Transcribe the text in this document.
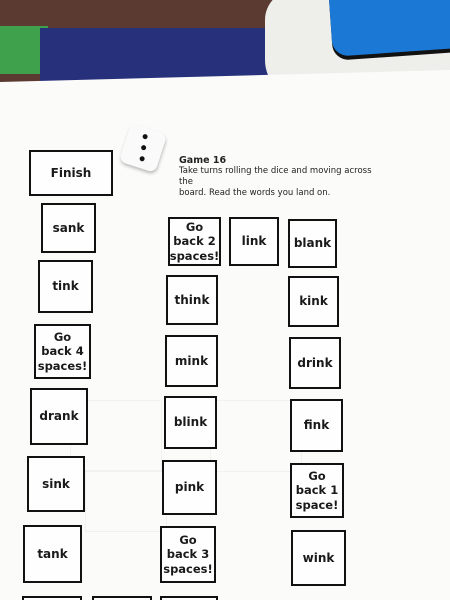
Game 16
Take turns rolling the dice and moving across the
board. Read the words you land on.
Finish
sank
tink
Go
back 4
spaces!
drank
sink
tank
Go
back 2
spaces!
link
think
mink
blink
pink
Go
back 3
spaces!
blank
kink
drink
fink
Go
back 1
space!
wink
